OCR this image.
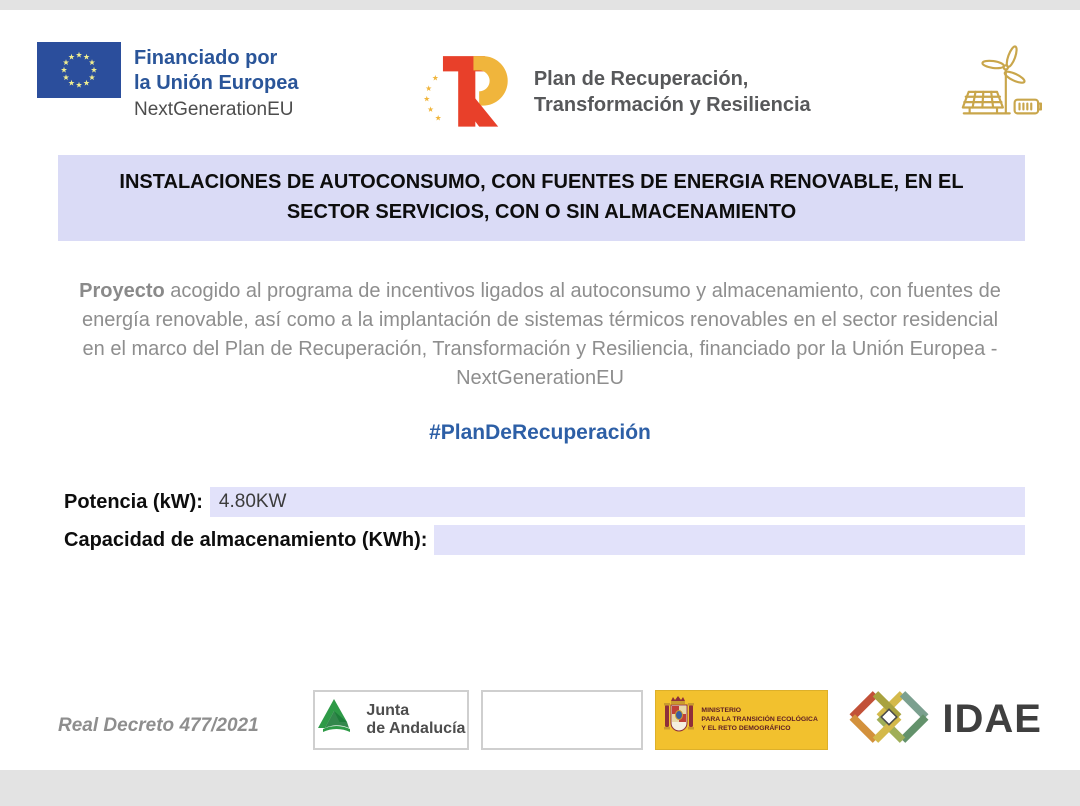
Financiado por
la Unión Europea
NextGenerationEU
Plan de Recuperación,
Transformación y Resiliencia
INSTALACIONES DE AUTOCONSUMO, CON FUENTES DE ENERGIA RENOVABLE, EN EL SECTOR SERVICIOS, CON O SIN ALMACENAMIENTO
Proyecto acogido al programa de incentivos ligados al autoconsumo y almacenamiento, con fuentes de energía renovable, así como a la implantación de sistemas térmicos renovables en el sector residencial en el marco del Plan de Recuperación, Transformación y Resiliencia, financiado por la Unión Europea - NextGenerationEU
#PlanDeRecuperación
Potencia (kW): 4.80KW
Capacidad de almacenamiento (KWh):
Real Decreto 477/2021
Junta
de Andalucía
MINISTERIO
PARA LA TRANSICIÓN ECOLÓGICA
Y EL RETO DEMOGRÁFICO	IDAE
